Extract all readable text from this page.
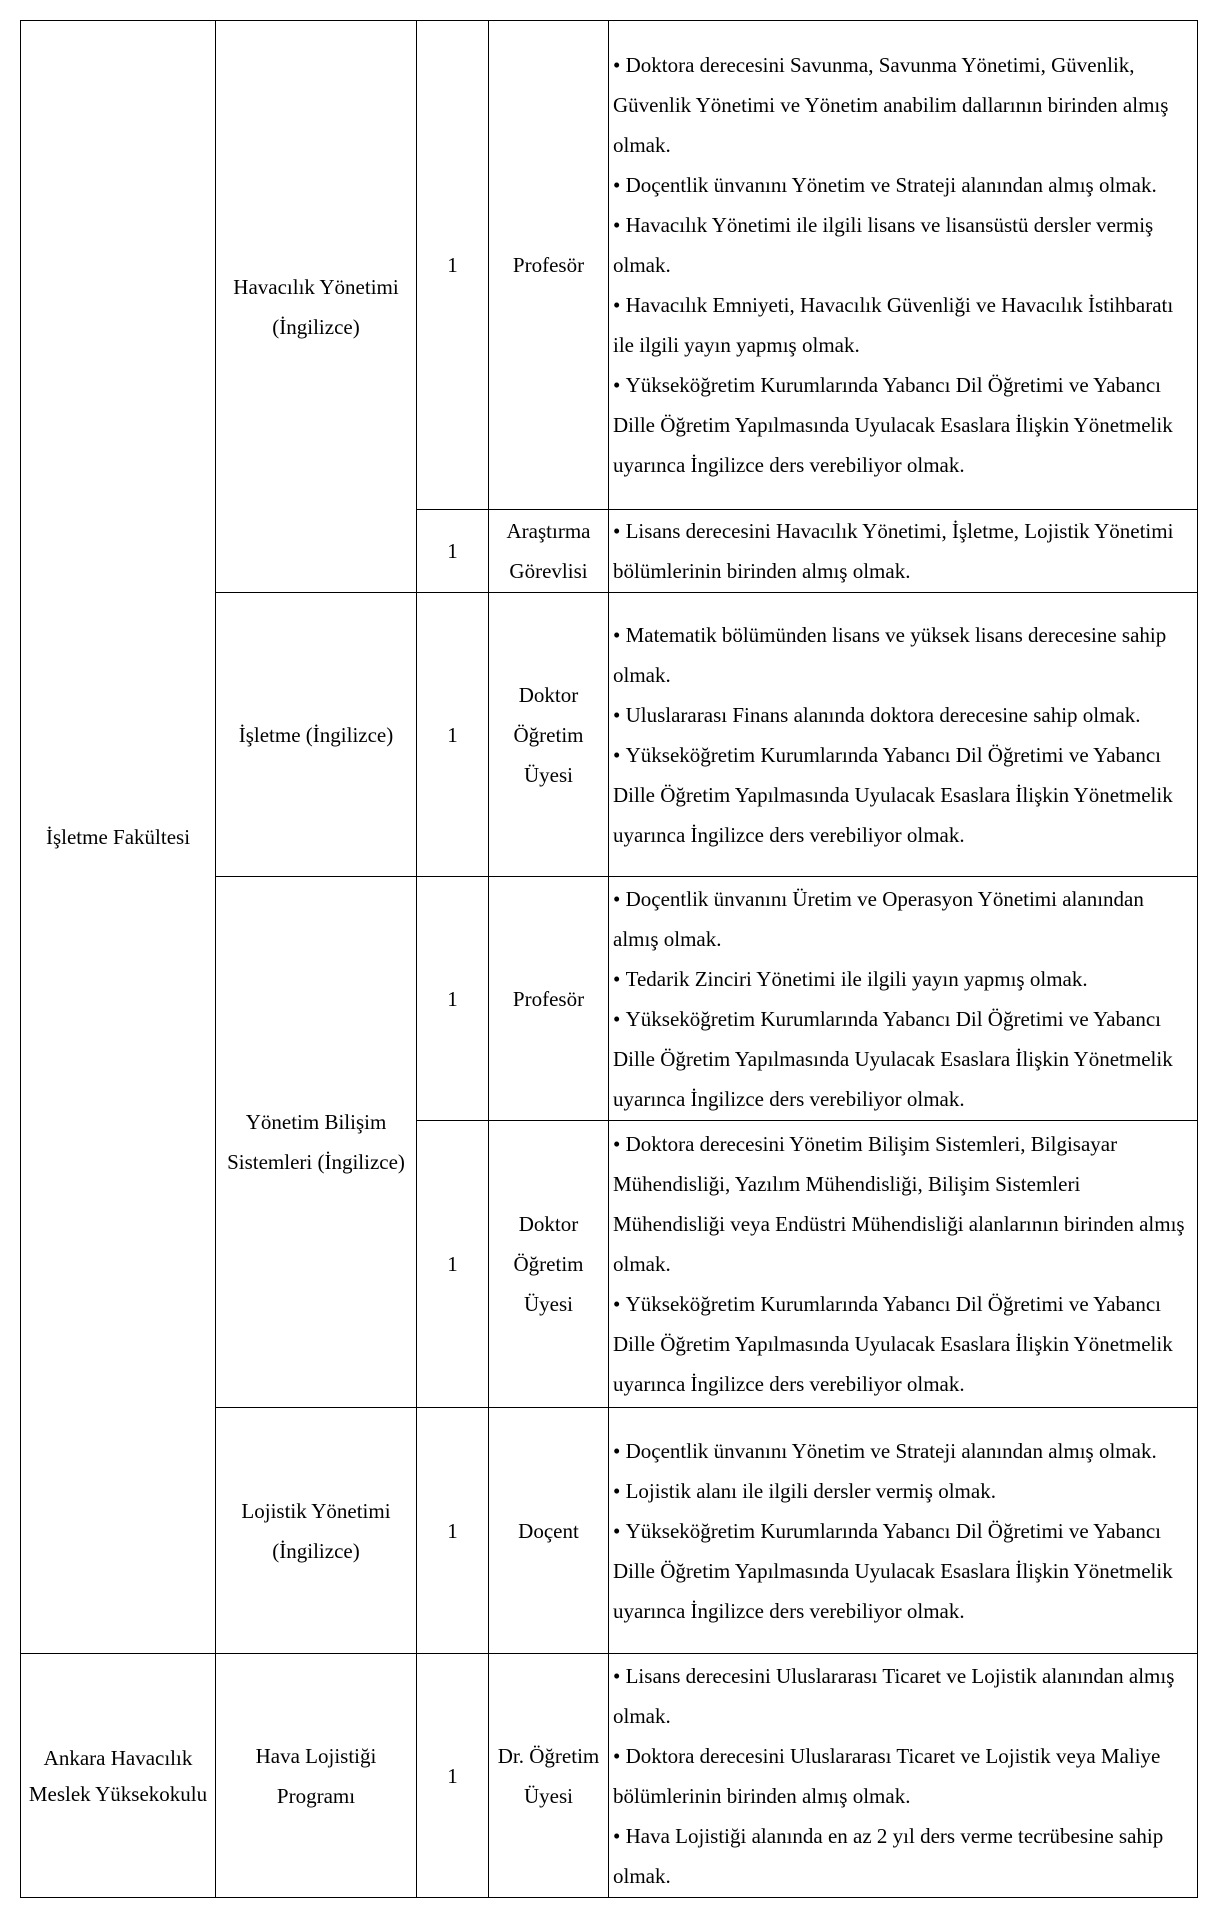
İşletme Fakültesi	Havacılık Yönetimi (İngilizce)	1	Profesör	• Doktora derecesini Savunma, Savunma Yönetimi, Güvenlik, Güvenlik Yönetimi ve Yönetim anabilim dallarının birinden almış olmak.
• Doçentlik ünvanını Yönetim ve Strateji alanından almış olmak.
• Havacılık Yönetimi ile ilgili lisans ve lisansüstü dersler vermiş olmak.
• Havacılık Emniyeti, Havacılık Güvenliği ve Havacılık İstihbaratı ile ilgili yayın yapmış olmak.
• Yükseköğretim Kurumlarında Yabancı Dil Öğretimi ve Yabancı Dille Öğretim Yapılmasında Uyulacak Esaslara İlişkin Yönetmelik uyarınca İngilizce ders verebiliyor olmak.

		1	Araştırma Görevlisi	• Lisans derecesini Havacılık Yönetimi, İşletme, Lojistik Yönetimi bölümlerinin birinden almış olmak.

	İşletme (İngilizce)	1	Doktor Öğretim Üyesi	• Matematik bölümünden lisans ve yüksek lisans derecesine sahip olmak.
• Uluslararası Finans alanında doktora derecesine sahip olmak.
• Yükseköğretim Kurumlarında Yabancı Dil Öğretimi ve Yabancı Dille Öğretim Yapılmasında Uyulacak Esaslara İlişkin Yönetmelik uyarınca İngilizce ders verebiliyor olmak.

	Yönetim Bilişim Sistemleri (İngilizce)	1	Profesör	• Doçentlik ünvanını Üretim ve Operasyon Yönetimi alanından almış olmak.
• Tedarik Zinciri Yönetimi ile ilgili yayın yapmış olmak.
• Yükseköğretim Kurumlarında Yabancı Dil Öğretimi ve Yabancı Dille Öğretim Yapılmasında Uyulacak Esaslara İlişkin Yönetmelik uyarınca İngilizce ders verebiliyor olmak.

		1	Doktor Öğretim Üyesi	• Doktora derecesini Yönetim Bilişim Sistemleri, Bilgisayar Mühendisliği, Yazılım Mühendisliği, Bilişim Sistemleri Mühendisliği veya Endüstri Mühendisliği alanlarının birinden almış olmak.
• Yükseköğretim Kurumlarında Yabancı Dil Öğretimi ve Yabancı Dille Öğretim Yapılmasında Uyulacak Esaslara İlişkin Yönetmelik uyarınca İngilizce ders verebiliyor olmak.

	Lojistik Yönetimi (İngilizce)	1	Doçent	• Doçentlik ünvanını Yönetim ve Strateji alanından almış olmak.
• Lojistik alanı ile ilgili dersler vermiş olmak.
• Yükseköğretim Kurumlarında Yabancı Dil Öğretimi ve Yabancı Dille Öğretim Yapılmasında Uyulacak Esaslara İlişkin Yönetmelik uyarınca İngilizce ders verebiliyor olmak.

Ankara Havacılık Meslek Yüksekokulu	Hava Lojistiği Programı	1	Dr. Öğretim Üyesi	• Lisans derecesini Uluslararası Ticaret ve Lojistik alanından almış olmak.
• Doktora derecesini Uluslararası Ticaret ve Lojistik veya Maliye bölümlerinin birinden almış olmak.
• Hava Lojistiği alanında en az 2 yıl ders verme tecrübesine sahip olmak.
